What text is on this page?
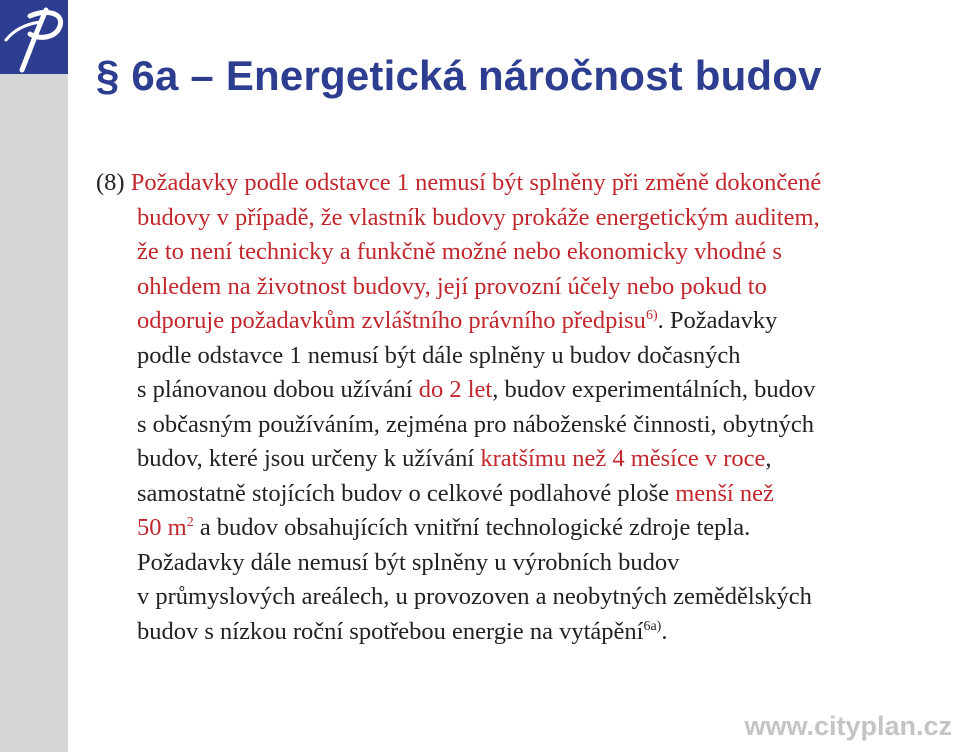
§ 6a – Energetická náročnost budov
(8) Požadavky podle odstavce 1 nemusí být splněny při změně dokončené
budovy v případě, že vlastník budovy prokáže energetickým auditem,
že to není technicky a funkčně možné nebo ekonomicky vhodné s
ohledem na životnost budovy, její provozní účely nebo pokud to
odporuje požadavkům zvláštního právního předpisu$^{6)}$. Požadavky
podle odstavce 1 nemusí být dále splněny u budov dočasných
s plánovanou dobou užívání do 2 let, budov experimentálních, budov
s občasným používáním, zejména pro náboženské činnosti, obytných
budov, které jsou určeny k užívání kratšímu než 4 měsíce v roce,
samostatně stojících budov o celkové podlahové ploše menší než
50 $m^2$ a budov obsahujících vnitřní technologické zdroje tepla.
Požadavky dále nemusí být splněny u výrobních budov
v průmyslových areálech, u provozoven a neobytných zemědělských
budov s nízkou roční spotřebou energie na vytápění$^{6a)}$.
www.cityplan.cz
